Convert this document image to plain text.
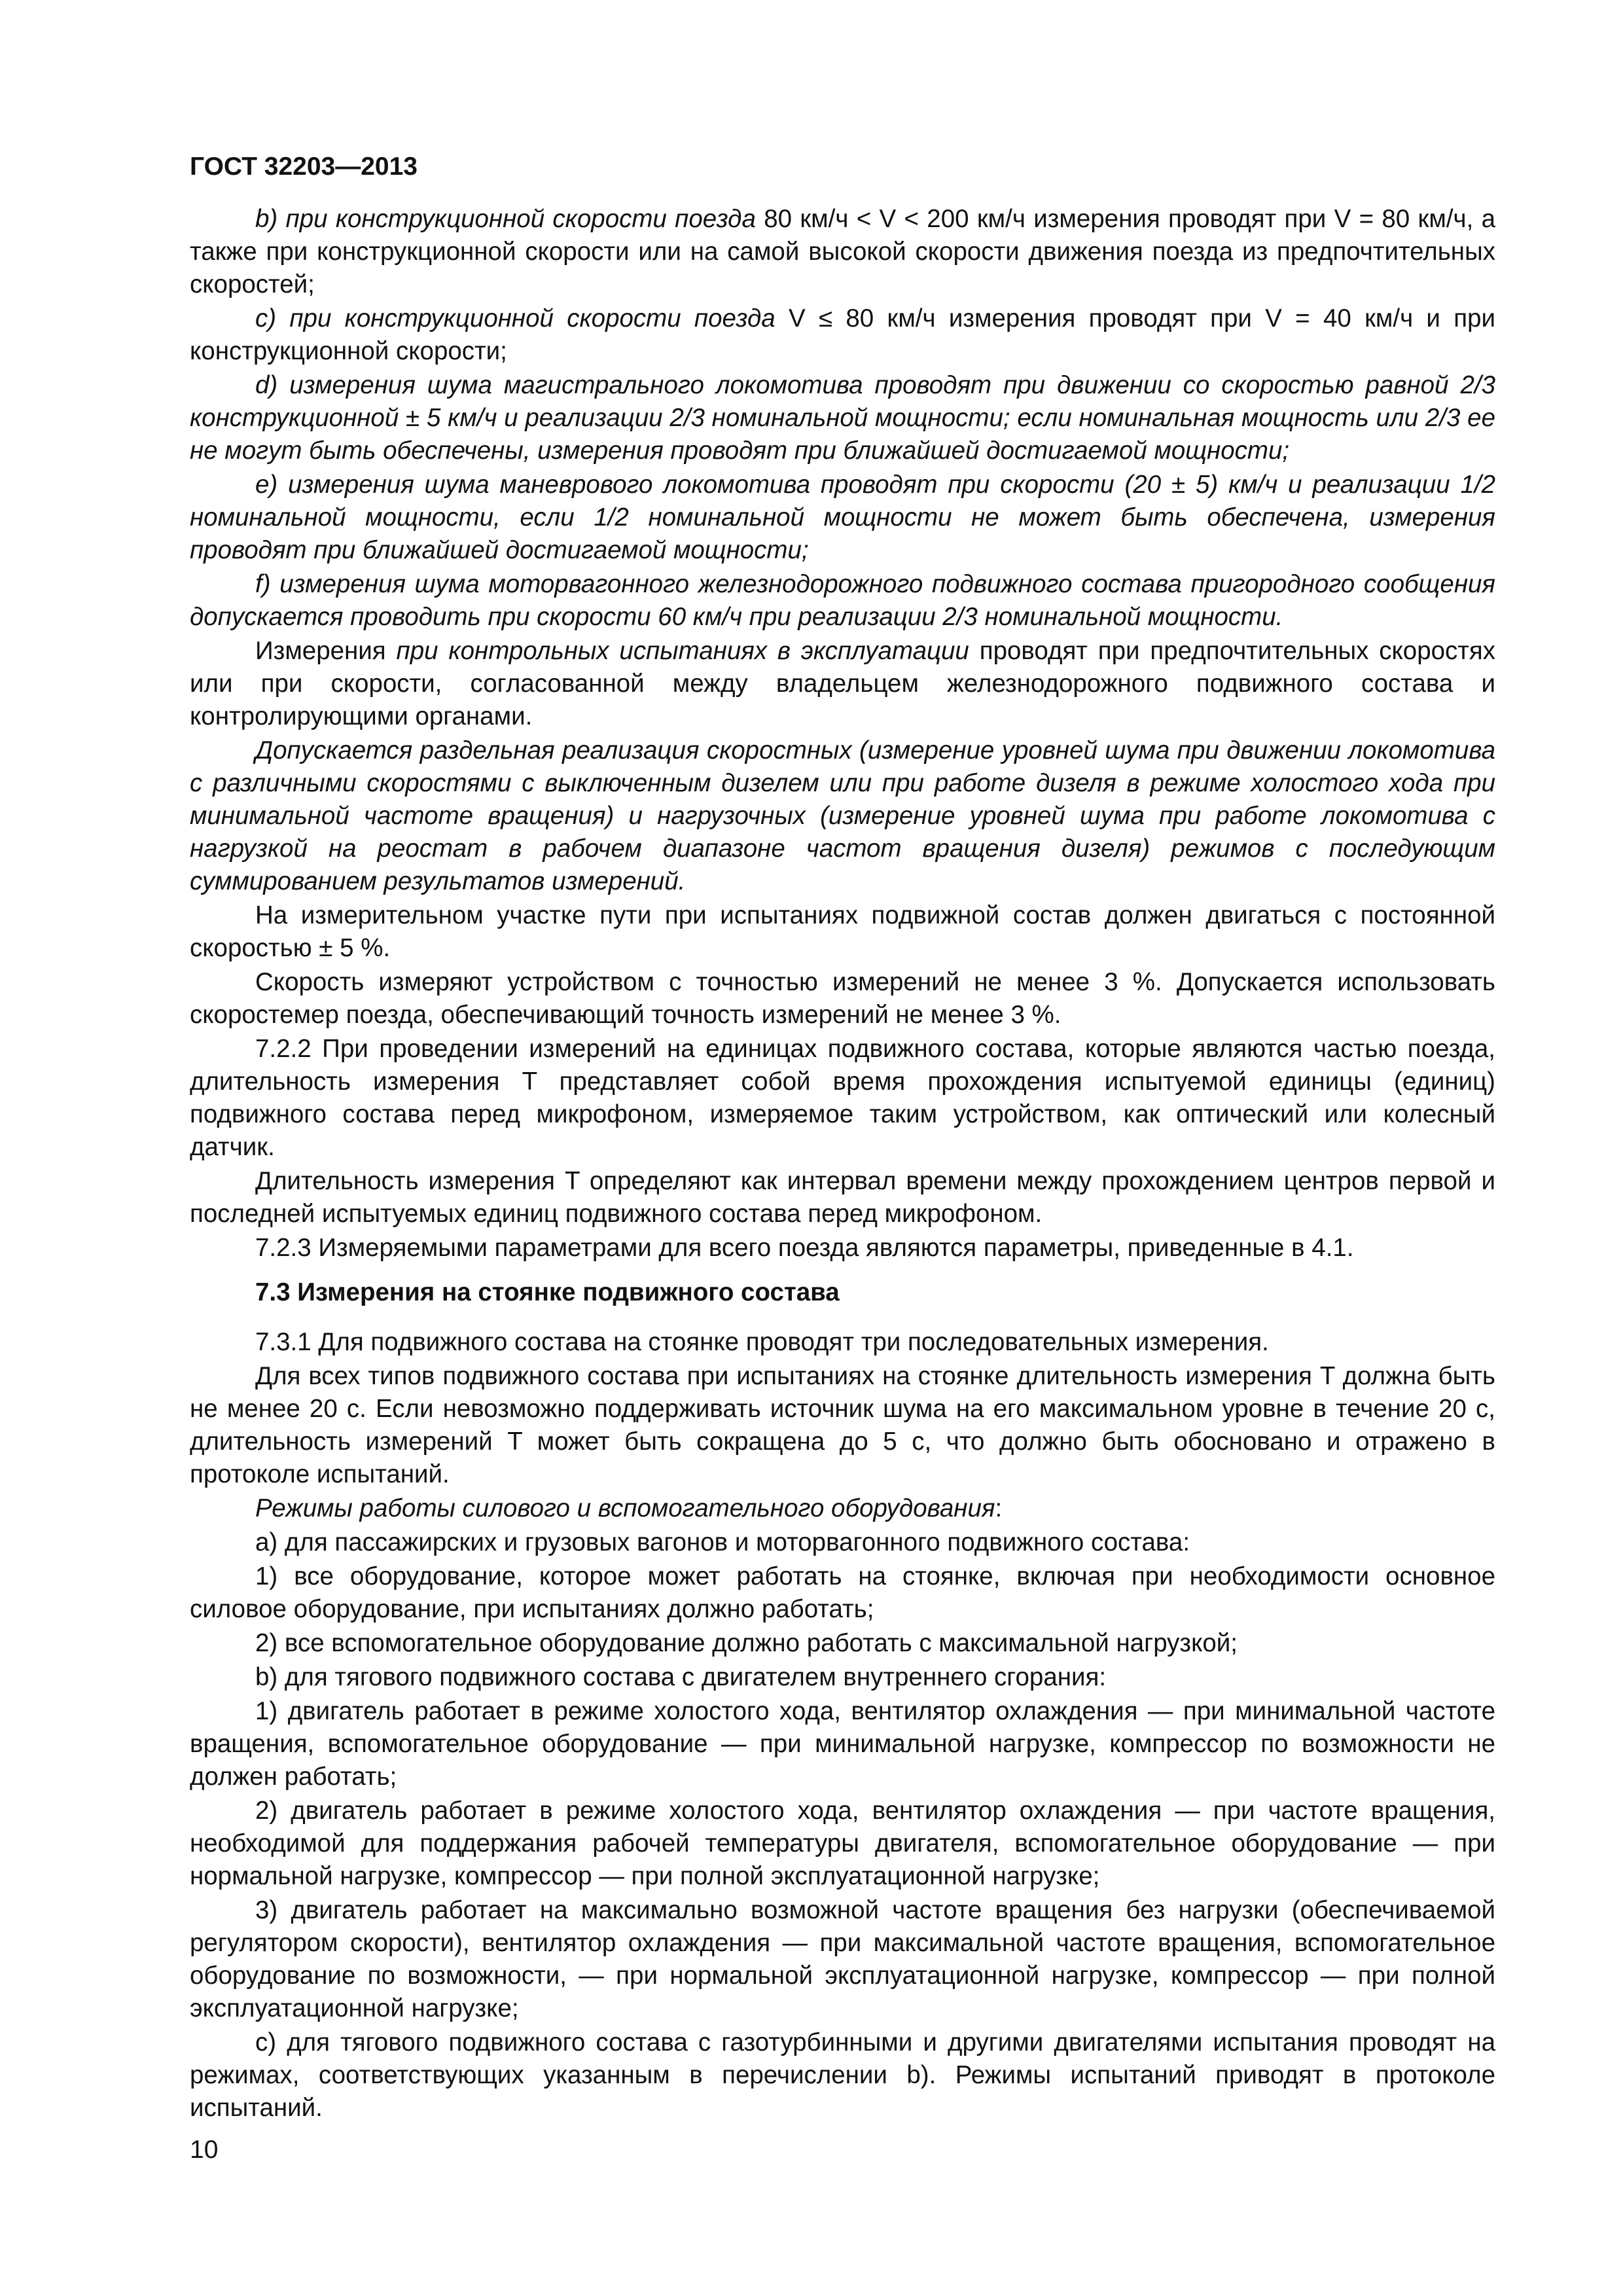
ГОСТ 32203—2013

b) при конструкционной скорости поезда 80 км/ч < V < 200 км/ч измерения проводят при V = 80 км/ч, а также при конструкционной скорости или на самой высокой скорости движения поезда из предпочтительных скоростей;

c) при конструкционной скорости поезда V ≤ 80 км/ч измерения проводят при V = 40 км/ч и при конструкционной скорости;

d) измерения шума магистрального локомотива проводят при движении со скоростью равной 2/3 конструкционной ± 5 км/ч и реализации 2/3 номинальной мощности; если номинальная мощность или 2/3 ее не могут быть обеспечены, измерения проводят при ближайшей достигаемой мощности;

e) измерения шума маневрового локомотива проводят при скорости (20 ± 5) км/ч и реализации 1/2 номинальной мощности, если 1/2 номинальной мощности не может быть обеспечена, измерения проводят при ближайшей достигаемой мощности;

f) измерения шума моторвагонного железнодорожного подвижного состава пригородного сообщения допускается проводить при скорости 60 км/ч при реализации 2/3 номинальной мощности.

Измерения при контрольных испытаниях в эксплуатации проводят при предпочтительных скоростях или при скорости, согласованной между владельцем железнодорожного подвижного состава и контролирующими органами.

Допускается раздельная реализация скоростных (измерение уровней шума при движении локомотива с различными скоростями с выключенным дизелем или при работе дизеля в режиме холостого хода при минимальной частоте вращения) и нагрузочных (измерение уровней шума при работе локомотива с нагрузкой на реостат в рабочем диапазоне частот вращения дизеля) режимов с последующим суммированием результатов измерений.

На измерительном участке пути при испытаниях подвижной состав должен двигаться с постоянной скоростью ± 5 %.

Скорость измеряют устройством с точностью измерений не менее 3 %. Допускается использовать скоростемер поезда, обеспечивающий точность измерений не менее 3 %.

7.2.2 При проведении измерений на единицах подвижного состава, которые являются частью поезда, длительность измерения T представляет собой время прохождения испытуемой единицы (единиц) подвижного состава перед микрофоном, измеряемое таким устройством, как оптический или колесный датчик.

Длительность измерения T определяют как интервал времени между прохождением центров первой и последней испытуемых единиц подвижного состава перед микрофоном.

7.2.3 Измеряемыми параметрами для всего поезда являются параметры, приведенные в 4.1.

7.3 Измерения на стоянке подвижного состава

7.3.1 Для подвижного состава на стоянке проводят три последовательных измерения.

Для всех типов подвижного состава при испытаниях на стоянке длительность измерения T должна быть не менее 20 с. Если невозможно поддерживать источник шума на его максимальном уровне в течение 20 с, длительность измерений T может быть сокращена до 5 с, что должно быть обосновано и отражено в протоколе испытаний.

Режимы работы силового и вспомогательного оборудования:

a) для пассажирских и грузовых вагонов и моторвагонного подвижного состава:

1) все оборудование, которое может работать на стоянке, включая при необходимости основное силовое оборудование, при испытаниях должно работать;

2) все вспомогательное оборудование должно работать с максимальной нагрузкой;

b) для тягового подвижного состава с двигателем внутреннего сгорания:

1) двигатель работает в режиме холостого хода, вентилятор охлаждения — при минимальной частоте вращения, вспомогательное оборудование — при минимальной нагрузке, компрессор по возможности не должен работать;

2) двигатель работает в режиме холостого хода, вентилятор охлаждения — при частоте вращения, необходимой для поддержания рабочей температуры двигателя, вспомогательное оборудование — при нормальной нагрузке, компрессор — при полной эксплуатационной нагрузке;

3) двигатель работает на максимально возможной частоте вращения без нагрузки (обеспечиваемой регулятором скорости), вентилятор охлаждения — при максимальной частоте вращения, вспомогательное оборудование по возможности, — при нормальной эксплуатационной нагрузке, компрессор — при полной эксплуатационной нагрузке;

c) для тягового подвижного состава с газотурбинными и другими двигателями испытания проводят на режимах, соответствующих указанным в перечислении b). Режимы испытаний приводят в протоколе испытаний.

10
